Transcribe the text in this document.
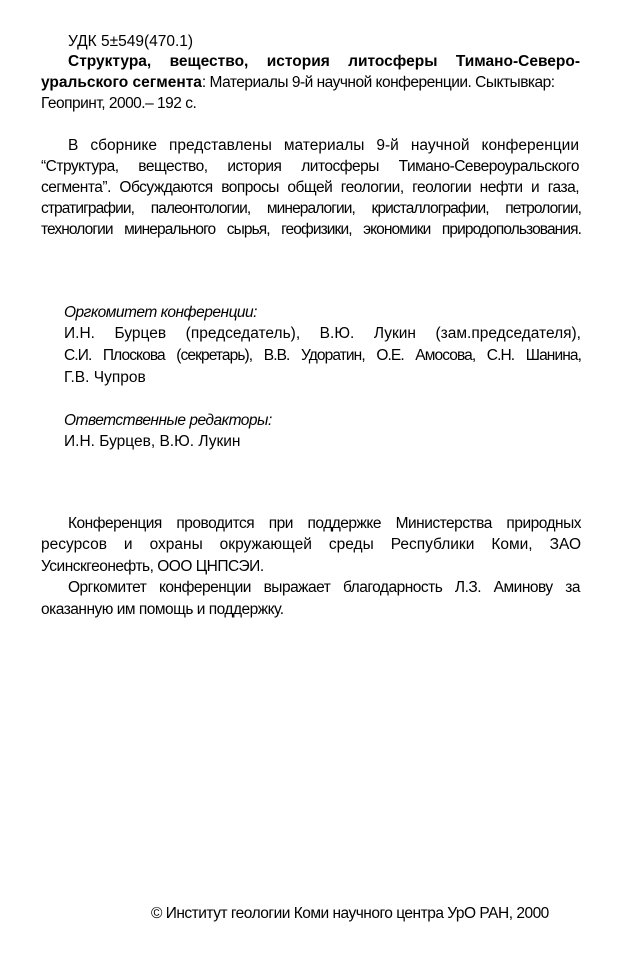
УДК 5±549(470.1)
Структура, вещество, история литосферы Тимано-Северо-
уральского сегмента: Материалы 9-й научной конференции. Сыктывкар:
Геопринт, 2000.– 192 с.
В сборнике представлены материалы 9-й научной конференции
“Структура, вещество, история литосферы Тимано-Североуральского
сегмента”. Обсуждаются вопросы общей геологии, геологии нефти и газа,
стратиграфии, палеонтологии, минералогии, кристаллографии, петрологии,
технологии минерального сырья, геофизики, экономики природопользования.
Оргкомитет конференции:
И.Н. Бурцев (председатель), В.Ю. Лукин (зам.председателя),
С.И. Плоскова (секретарь), В.В. Удоратин, О.Е. Амосова, С.Н. Шанина,
Г.В. Чупров
Ответственные редакторы:
И.Н. Бурцев, В.Ю. Лукин
Конференция проводится при поддержке Министерства природных
ресурсов и охраны окружающей среды Республики Коми, ЗАО
Усинскгеонефть, ООО ЦНПСЭИ.
Оргкомитет конференции выражает благодарность Л.З. Аминову за
оказанную им помощь и поддержку.
© Институт геологии Коми научного центра УрО РАН, 2000
